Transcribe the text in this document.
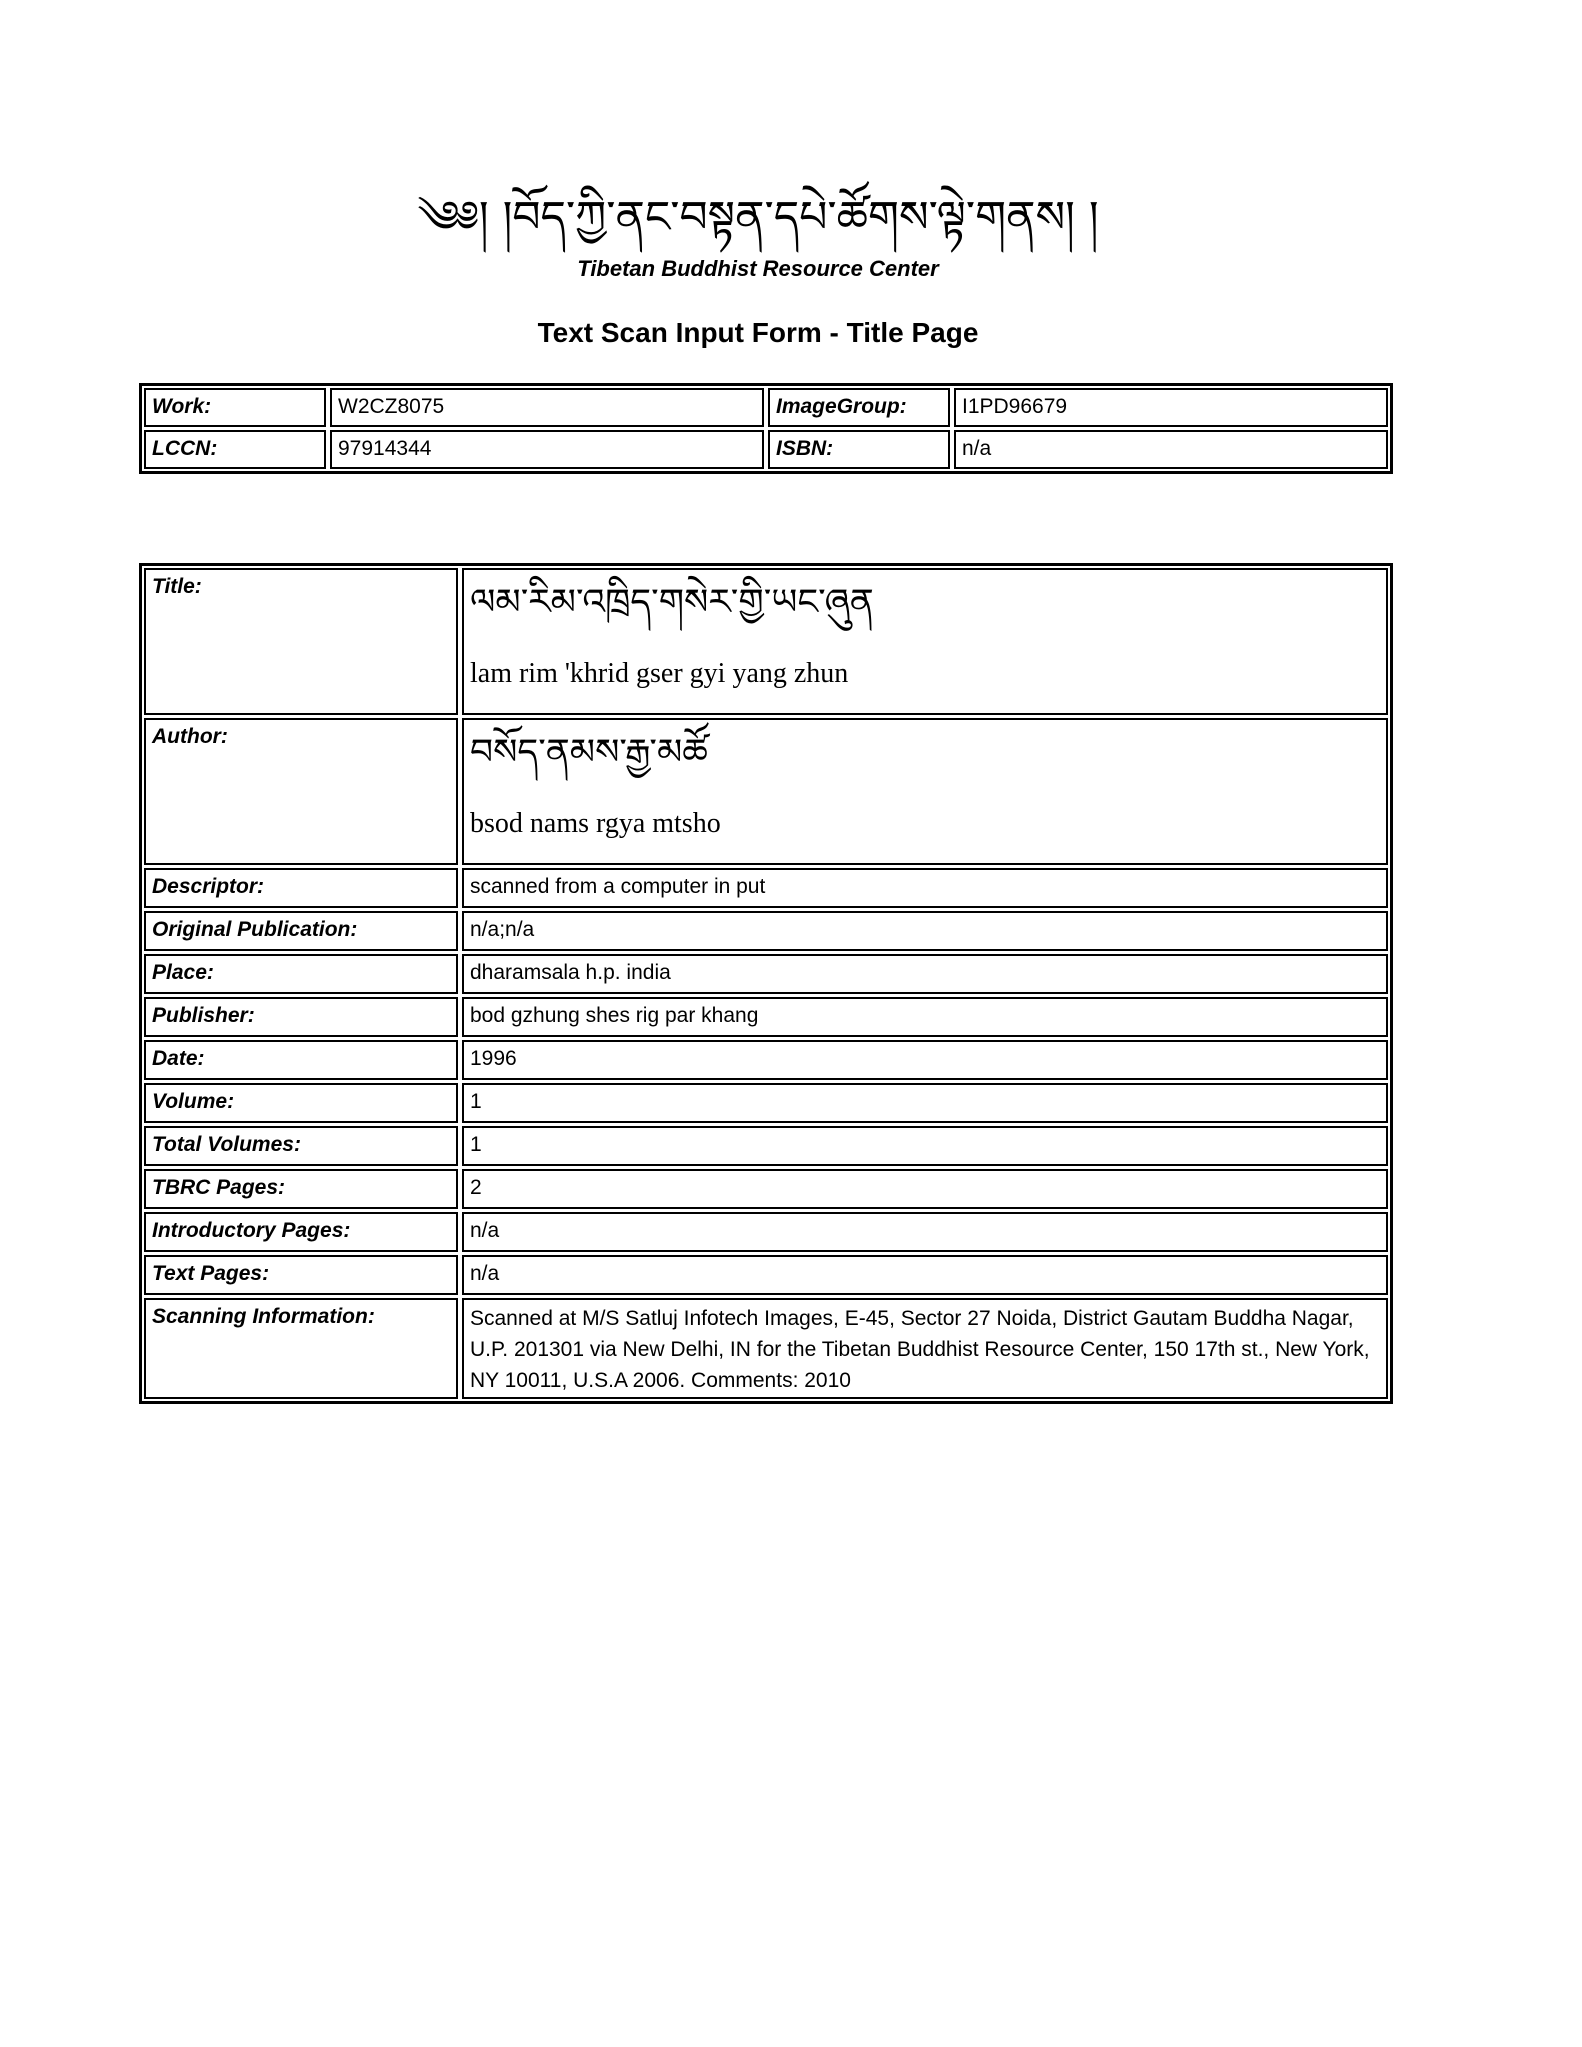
༄༅། །བོད་ཀྱི་ནང་བསྟན་དཔེ་ཚོགས་ལྟེ་གནས། །
Tibetan Buddhist Resource Center
Text Scan Input Form - Title Page
Work:	W2CZ8075	ImageGroup:	I1PD96679
LCCN:	97914344	ISBN:	n/a
Title:	ལམ་རིམ་འཁྲིད་གསེར་གྱི་ཡང་ཞུན
lam rim 'khrid gser gyi yang zhun
Author:	བསོད་ནམས་རྒྱ་མཚོ
bsod nams rgya mtsho
Descriptor:	scanned from a computer in put
Original Publication:	n/a;n/a
Place:	dharamsala h.p. india
Publisher:	bod gzhung shes rig par khang
Date:	1996
Volume:	1
Total Volumes:	1
TBRC Pages:	2
Introductory Pages:	n/a
Text Pages:	n/a
Scanning Information:	Scanned at M/S Satluj Infotech Images, E-45, Sector 27 Noida, District Gautam Buddha Nagar, U.P. 201301 via New Delhi, IN for the Tibetan Buddhist Resource Center, 150 17th st., New York, NY 10011, U.S.A 2006. Comments: 2010
